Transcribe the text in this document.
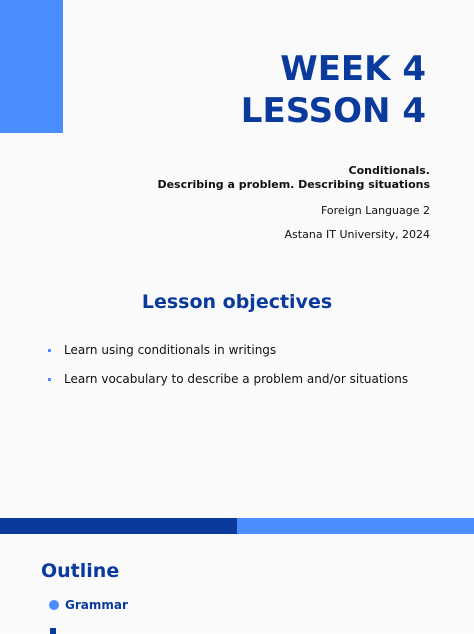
WEEK 4
LESSON 4
Conditionals.
Describing a problem. Describing situations
Foreign Language 2
Astana IT University, 2024
Lesson objectives
Learn using conditionals in writings
Learn vocabulary to describe a problem and/or situations
Outline
Grammar
